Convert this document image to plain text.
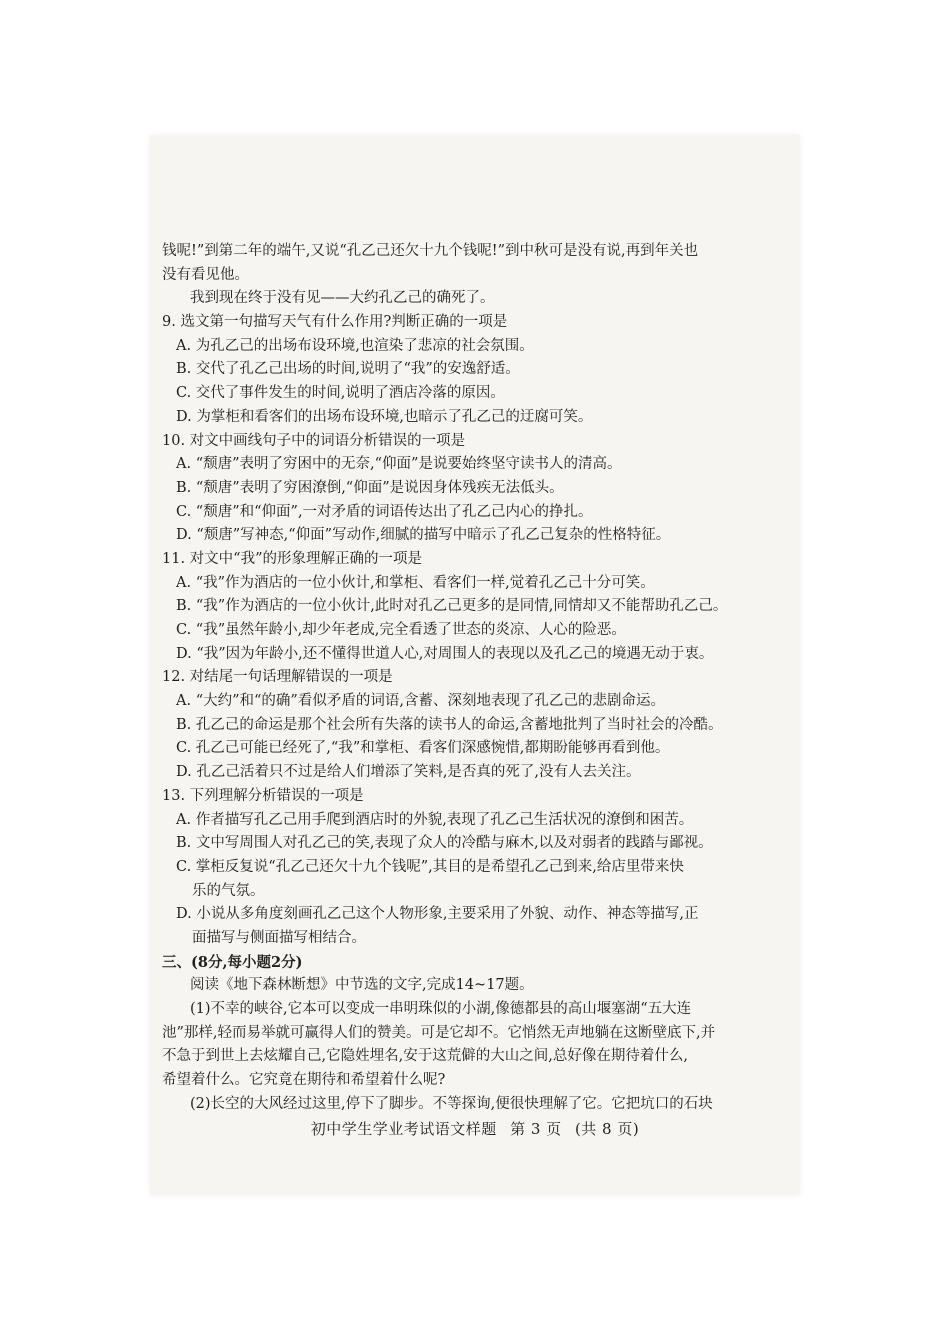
钱呢!”到第二年的端午,又说“孔乙己还欠十九个钱呢!”到中秋可是没有说,再到年关也
没有看见他。
我到现在终于没有见——大约孔乙己的确死了。
9. 选文第一句描写天气有什么作用?判断正确的一项是
A. 为孔乙己的出场布设环境,也渲染了悲凉的社会氛围。
B. 交代了孔乙己出场的时间,说明了“我”的安逸舒适。
C. 交代了事件发生的时间,说明了酒店冷落的原因。
D. 为掌柜和看客们的出场布设环境,也暗示了孔乙己的迂腐可笑。
10. 对文中画线句子中的词语分析错误的一项是
A. “颓唐”表明了穷困中的无奈,“仰面”是说要始终坚守读书人的清高。
B. “颓唐”表明了穷困潦倒,“仰面”是说因身体残疾无法低头。
C. “颓唐”和“仰面”,一对矛盾的词语传达出了孔乙己内心的挣扎。
D. “颓唐”写神态,“仰面”写动作,细腻的描写中暗示了孔乙己复杂的性格特征。
11. 对文中“我”的形象理解正确的一项是
A. “我”作为酒店的一位小伙计,和掌柜、看客们一样,觉着孔乙己十分可笑。
B. “我”作为酒店的一位小伙计,此时对孔乙己更多的是同情,同情却又不能帮助孔乙己。
C. “我”虽然年龄小,却少年老成,完全看透了世态的炎凉、人心的险恶。
D. “我”因为年龄小,还不懂得世道人心,对周围人的表现以及孔乙己的境遇无动于衷。
12. 对结尾一句话理解错误的一项是
A. “大约”和“的确”看似矛盾的词语,含蓄、深刻地表现了孔乙己的悲剧命运。
B. 孔乙己的命运是那个社会所有失落的读书人的命运,含蓄地批判了当时社会的冷酷。
C. 孔乙己可能已经死了,“我”和掌柜、看客们深感惋惜,都期盼能够再看到他。
D. 孔乙己活着只不过是给人们增添了笑料,是否真的死了,没有人去关注。
13. 下列理解分析错误的一项是
A. 作者描写孔乙己用手爬到酒店时的外貌,表现了孔乙己生活状况的潦倒和困苦。
B. 文中写周围人对孔乙己的笑,表现了众人的冷酷与麻木,以及对弱者的践踏与鄙视。
C. 掌柜反复说“孔乙己还欠十九个钱呢”,其目的是希望孔乙己到来,给店里带来快
乐的气氛。
D. 小说从多角度刻画孔乙己这个人物形象,主要采用了外貌、动作、神态等描写,正
面描写与侧面描写相结合。
三、(8分,每小题2分)
阅读《地下森林断想》中节选的文字,完成14~17题。
(1)不幸的峡谷,它本可以变成一串明珠似的小湖,像德都县的高山堰塞湖“五大连
池”那样,轻而易举就可赢得人们的赞美。可是它却不。它悄然无声地躺在这断壁底下,并
不急于到世上去炫耀自己,它隐姓埋名,安于这荒僻的大山之间,总好像在期待着什么,
希望着什么。它究竟在期待和希望着什么呢?
(2)长空的大风经过这里,停下了脚步。不等探询,便很快理解了它。它把坑口的石块
初中学生学业考试语文样题 第 3 页 (共 8 页)
